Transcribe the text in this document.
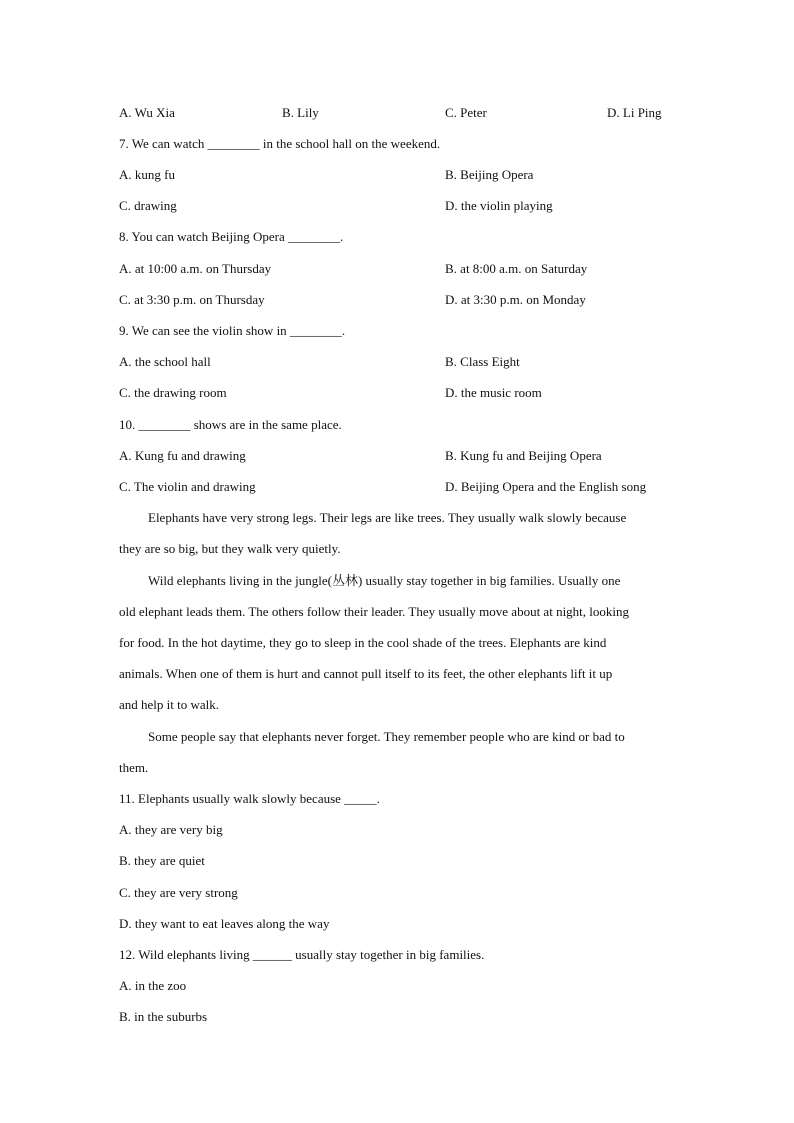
A. Wu Xia	B. Lily	C. Peter	D. Li Ping
7. We can watch ________ in the school hall on the weekend.
A. kung fu	B. Beijing Opera
C. drawing	D. the violin playing
8. You can watch Beijing Opera ________.
A. at 10:00 a.m. on Thursday	B. at 8:00 a.m. on Saturday
C. at 3:30 p.m. on Thursday	D. at 3:30 p.m. on Monday
9. We can see the violin show in ________.
A. the school hall	B. Class Eight
C. the drawing room	D. the music room
10. ________ shows are in the same place.
A. Kung fu and drawing	B. Kung fu and Beijing Opera
C. The violin and drawing	D. Beijing Opera and the English song
Elephants have very strong legs. Their legs are like trees. They usually walk slowly because
they are so big, but they walk very quietly.
Wild elephants living in the jungle(丛林) usually stay together in big families. Usually one
old elephant leads them. The others follow their leader. They usually move about at night, looking
for food. In the hot daytime, they go to sleep in the cool shade of the trees. Elephants are kind
animals. When one of them is hurt and cannot pull itself to its feet, the other elephants lift it up
and help it to walk.
Some people say that elephants never forget. They remember people who are kind or bad to
them.
11. Elephants usually walk slowly because _____.
A. they are very big
B. they are quiet
C. they are very strong
D. they want to eat leaves along the way
12. Wild elephants living ______ usually stay together in big families.
A. in the zoo
B. in the suburbs
